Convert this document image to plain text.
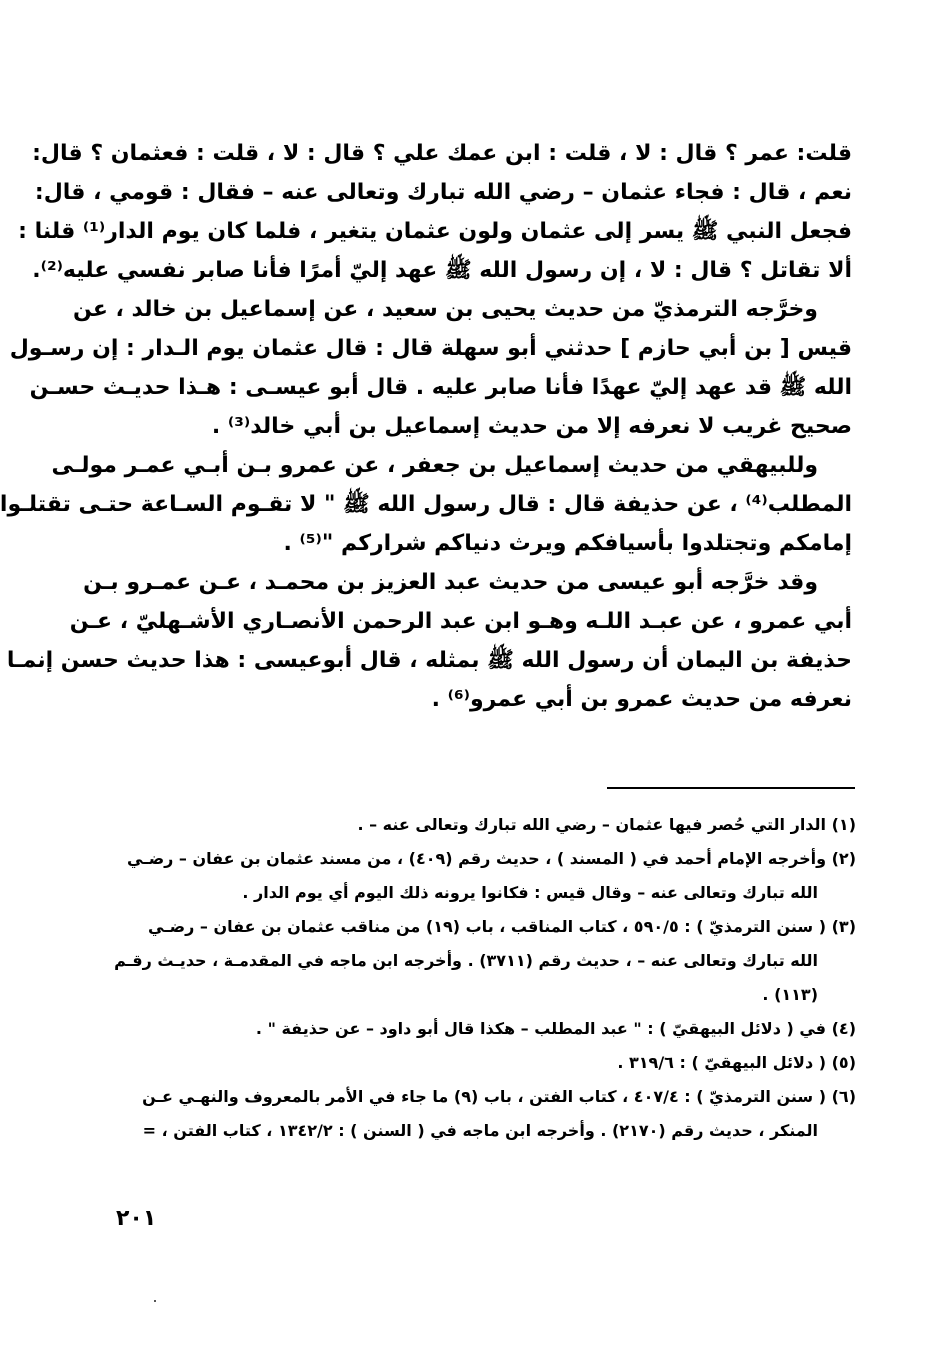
قلت: عمر ؟ قال : لا ، قلت : ابن عمك علي ؟ قال : لا ، قلت : فعثمان ؟ قال:
نعم ، قال : فجاء عثمان – رضي الله تبارك وتعالى عنه – فقال : قومي ، قال:
فجعل النبي ﷺ يسر إلى عثمان ولون عثمان يتغير ، فلما كان يوم الدار⁽¹⁾ قلنا :
ألا تقاتل ؟ قال : لا ، إن رسول الله ﷺ عهد إليّ أمرًا فأنا صابر نفسي عليه⁽²⁾.
وخرَّجه الترمذيّ من حديث يحيى بن سعيد ، عن إسماعيل بن خالد ، عن
قيس [ بن أبي حازم ] حدثني أبو سهلة قال : قال عثمان يوم الـدار : إن رسـول
الله ﷺ قد عهد إليّ عهدًا فأنا صابر عليه . قال أبو عيسـى : هـذا حديـث حسـن
صحيح غريب لا نعرفه إلا من حديث إسماعيل بن أبي خالد⁽³⁾ .
وللبيهقي من حديث إسماعيل بن جعفر ، عن عمرو بـن أبـي عمـر مولـى
المطلب⁽⁴⁾ ، عن حذيفة قال : قال رسول الله ﷺ " لا تقـوم السـاعة حتـى تقتلـوا
إمامكم وتجتلدوا بأسيافكم ويرث دنياكم شراركم "⁽⁵⁾ .
وقد خرَّجه أبو عيسى من حديث عبد العزيز بن محمـد ، عـن عمـرو بـن
أبي عمرو ، عن عبـد اللـه وهـو ابن عبد الرحمن الأنصـاري الأشـهليّ ، عـن
حذيفة بن اليمان أن رسول الله ﷺ بمثله ، قال أبوعيسى : هذا حديث حسن إنمـا
نعرفه من حديث عمرو بن أبي عمرو⁽⁶⁾ .
(١) الدار التي حُصر فيها عثمان – رضي الله تبارك وتعالى عنه – .
(٢) وأخرجه الإمام أحمد في ( المسند ) ، حديث رقم (٤٠٩) ، من مسند عثمان بن عفان – رضـي
الله تبارك وتعالى عنه – وقال قيس : فكانوا يرونه ذلك اليوم أي يوم الدار .
(٣) ( سنن الترمذيّ ) : ٥٩٠/٥ ، كتاب المناقب ، باب (١٩) من مناقب عثمان بن عفان – رضـي
الله تبارك وتعالى عنه – ، حديث رقم (٣٧١١) . وأخرجه ابن ماجه في المقدمـة ، حديـث رقـم
(١١٣) .
(٤) في ( دلائل البيهقيّ ) : " عبد المطلب – هكذا قال أبو داود – عن حذيفة " .
(٥) ( دلائل البيهقيّ ) : ٣١٩/٦ .
(٦) ( سنن الترمذيّ ) : ٤٠٧/٤ ، كتاب الفتن ، باب (٩) ما جاء في الأمر بالمعروف والنهـي عـن
المنكر ، حديث رقم (٢١٧٠) . وأخرجه ابن ماجه في ( السنن ) : ١٣٤٢/٢ ، كتاب الفتن ، =
٢٠١
